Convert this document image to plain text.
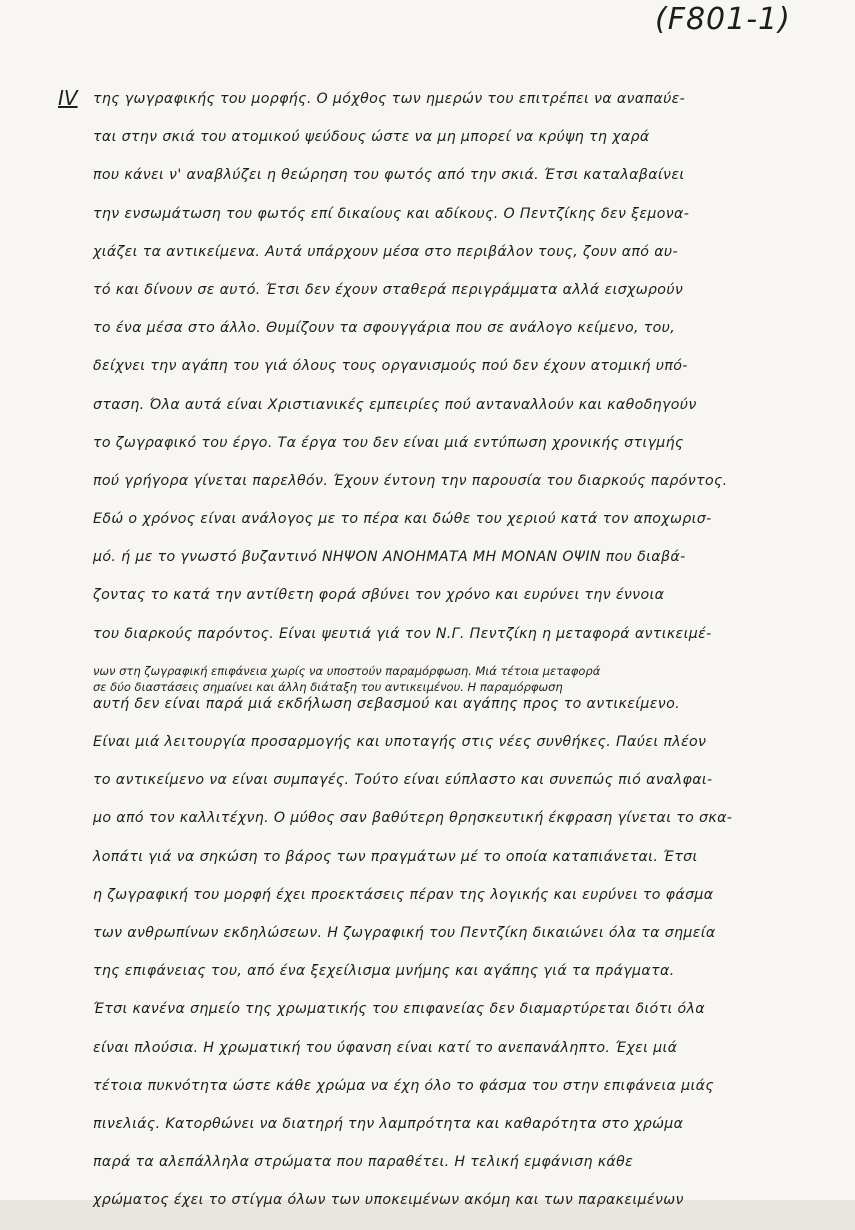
(F801-1)
IV της γωγραφικής του μορφής. Ο μόχθος των ημερών του επιτρέπει να αναπαύε-
ται στην σκιά του ατομικού ψεύδους ώστε να μη μπορεί να κρύψη τη χαρά
που κάνει ν' αναβλύζει η θεώρηση του φωτός από την σκιά. Έτσι καταλαβαίνει
την ενσωμάτωση του φωτός επί δικαίους και αδίκους. Ο Πεντζίκης δεν ξεμονα-
χιάζει τα αντικείμενα. Αυτά υπάρχουν μέσα στο περιβάλον τους, ζουν από αυ-
τό και δίνουν σε αυτό. Έτσι δεν έχουν σταθερά περιγράμματα αλλά εισχωρούν
το ένα μέσα στο άλλο. Θυμίζουν τα σφουγγάρια που σε ανάλογο κείμενο, του,
δείχνει την αγάπη του γιά όλους τους οργανισμούς πού δεν έχουν ατομική υπό-
σταση. Όλα αυτά είναι Χριστιανικές εμπειρίες πού ανταναλλούν και καθοδηγούν
το ζωγραφικό του έργο. Τα έργα του δεν είναι μιά εντύπωση χρονικής στιγμής
πού γρήγορα γίνεται παρελθόν. Έχουν έντονη την παρουσία του διαρκούς παρόντος.
Εδώ ο χρόνος είναι ανάλογος με το πέρα και δώθε του χεριού κατά τον αποχωρισ-
μό. ή με το γνωστό βυζαντινό ΝΗΨΟΝ ΑΝΟΗΜΑΤΑ ΜΗ ΜΟΝΑΝ ΟΨΙΝ που διαβά-
ζοντας το κατά την αντίθετη φορά σβύνει τον χρόνο και ευρύνει την έννοια
του διαρκούς παρόντος. Είναι ψευτιά γιά τον Ν.Γ. Πεντζίκη η μεταφορά αντικειμέ-
νων στη ζωγραφική επιφάνεια χωρίς να υποστούν παραμόρφωση. Μιά τέτοια μεταφορά
σε δύο διαστάσεις σημαίνει και άλλη διάταξη του αντικειμένου. Η παραμόρφωση
αυτή δεν είναι παρά μιά εκδήλωση σεβασμού και αγάπης προς το αντικείμενο.
Είναι μιά λειτουργία προσαρμογής και υποταγής στις νέες συνθήκες. Παύει πλέον
το αντικείμενο να είναι συμπαγές. Τούτο είναι εύπλαστο και συνεπώς πιό αναλφαι-
μο από τον καλλιτέχνη. Ο μύθος σαν βαθύτερη θρησκευτική έκφραση γίνεται το σκα-
λοπάτι γιά να σηκώση το βάρος των πραγμάτων μέ το οποία καταπιάνεται. Έτσι
η ζωγραφική του μορφή έχει προεκτάσεις πέραν της λογικής και ευρύνει το φάσμα
των ανθρωπίνων εκδηλώσεων. Η ζωγραφική του Πεντζίκη δικαιώνει όλα τα σημεία
της επιφάνειας του, από ένα ξεχείλισμα μνήμης και αγάπης γιά τα πράγματα.
Έτσι κανένα σημείο της χρωματικής του επιφανείας δεν διαμαρτύρεται διότι όλα
είναι πλούσια. Η χρωματική του ύφανση είναι κατί το ανεπανάληπτο. Έχει μιά
τέτοια πυκνότητα ώστε κάθε χρώμα να έχη όλο το φάσμα του στην επιφάνεια μιάς
πινελιάς. Κατορθώνει να διατηρή την λαμπρότητα και καθαρότητα στο χρώμα
παρά τα αλεπάλληλα στρώματα που παραθέτει. Η τελική εμφάνιση κάθε
χρώματος έχει το στίγμα όλων των υποκειμένων ακόμη και των παρακειμένων
